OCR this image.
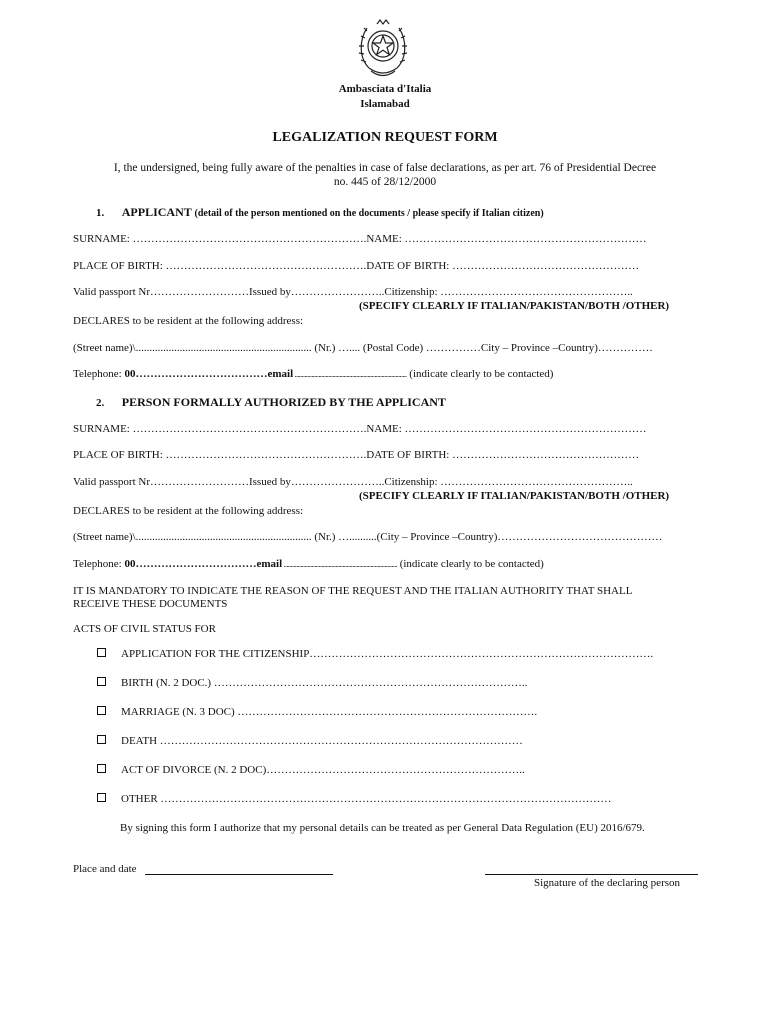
Ambasciata d'Italia
Islamabad
LEGALIZATION REQUEST FORM
I, the undersigned, being fully aware of the penalties in case of false declarations, as per art. 76 of Presidential Decree
no. 445 of 28/12/2000
1. APPLICANT (detail of the person mentioned on the documents / please specify if Italian citizen)
SURNAME: ……………………………………………………….NAME: …………………………………………………………
PLACE OF BIRTH: ……………………………………………….DATE OF BIRTH: ……………………………………………
Valid passport Nr………………………Issued by……………………..Citizenship: ……………………………………………..
(SPECIFY CLEARLY IF ITALIAN/PAKISTAN/BOTH /OTHER)
DECLARES to be resident at the following address:
(Street name)\................................................................ (Nr.) ….... (Postal Code) ……………City – Province –Country)……………
Telephone: 00………………………………email ................................................................................ (indicate clearly to be contacted)
2. PERSON FORMALLY AUTHORIZED BY THE APPLICANT
SURNAME: ……………………………………………………….NAME: …………………………………………………………
PLACE OF BIRTH: ……………………………………………….DATE OF BIRTH: ……………………………………………
Valid passport Nr………………………Issued by……………………..Citizenship: ……………………………………………..
(SPECIFY CLEARLY IF ITALIAN/PAKISTAN/BOTH /OTHER)
DECLARES to be resident at the following address:
(Street name)\................................................................ (Nr.) …..........(City – Province –Country)………………………………………
Telephone: 00……………………………email ................................................................................. (indicate clearly to be contacted)
IT IS MANDATORY TO INDICATE THE REASON OF THE REQUEST AND THE ITALIAN AUTHORITY THAT SHALL
RECEIVE THESE DOCUMENTS
ACTS OF CIVIL STATUS FOR
APPLICATION FOR THE CITIZENSHIP………………………………………………………………………………….
BIRTH (N. 2 DOC.) …………………………………………………………………………..
MARRIAGE (N. 3 DOC) ……………………………………………………………………….
DEATH ………………………………………………………………………………………
ACT OF DIVORCE (N. 2 DOC)……………………………………………………………..
OTHER ……………………………………………………………………………………………………………
By signing this form I authorize that my personal details can be treated as per General Data Regulation (EU) 2016/679.
Place and date
Signature of the declaring person
